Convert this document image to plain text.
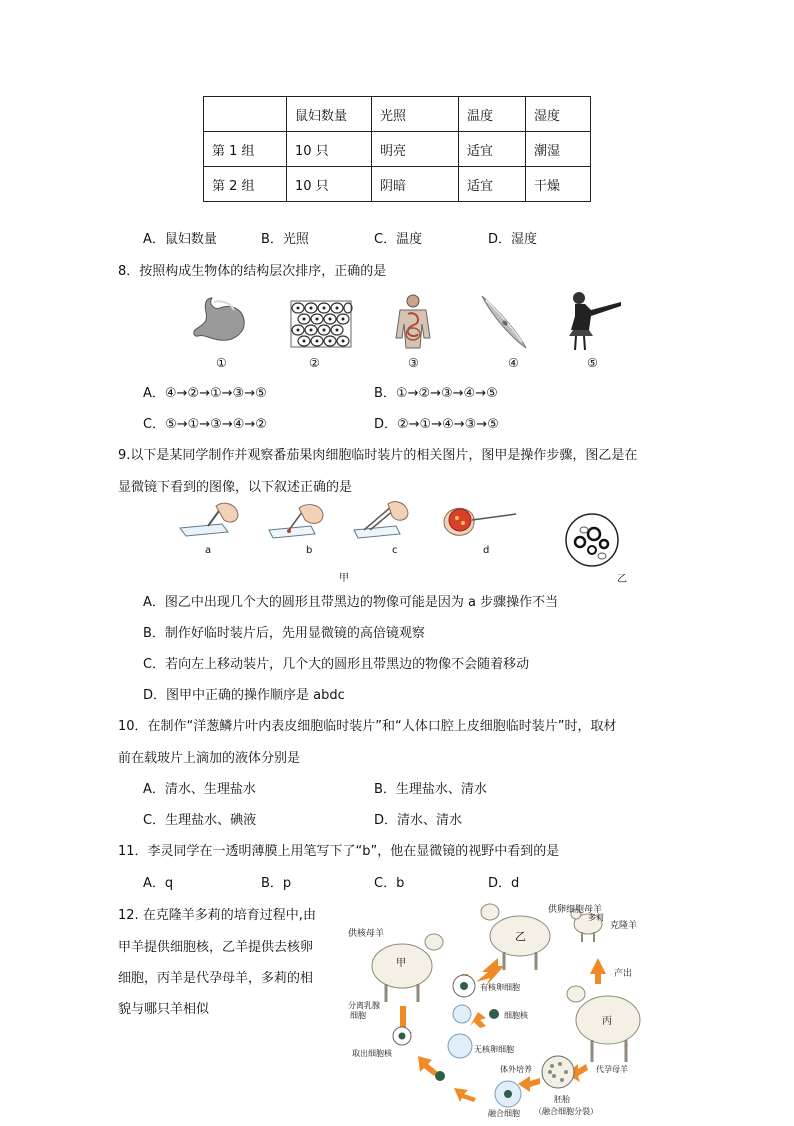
	鼠妇数量	光照	温度	湿度
第 1 组	10 只	明亮	适宜	潮湿
第 2 组	10 只	阴暗	适宜	干燥
A．鼠妇数量	B．光照	C．温度	D．湿度
8．按照构成生物体的结构层次排序，正确的是
①	②	③	④	⑤
A．④→②→①→③→⑤	B．①→②→③→④→⑤
C．⑤→①→③→④→②	D．②→①→④→③→⑤
9.以下是某同学制作并观察番茄果肉细胞临时装片的相关图片，图甲是操作步骤，图乙是在
显微镜下看到的图像，以下叙述正确的是
a	b	c	d
甲	乙
A．图乙中出现几个大的圆形且带黑边的物像可能是因为 a 步骤操作不当
B．制作好临时装片后，先用显微镜的高倍镜观察
C．若向左上移动装片，几个大的圆形且带黑边的物像不会随着移动
D．图甲中正确的操作顺序是 abdc
10．在制作“洋葱鳞片叶内表皮细胞临时装片”和“人体口腔上皮细胞临时装片”时，取材
前在载玻片上滴加的液体分别是
A．清水、生理盐水	B．生理盐水、清水
C．生理盐水、碘液	D．清水、清水
11．李灵同学在一透明薄膜上用笔写下了“b”，他在显微镜的视野中看到的是
A．q	B．p	C．b	D．d
12. 在克隆羊多莉的培育过程中,由
甲羊提供细胞核，乙羊提供去核卵
细胞，丙羊是代孕母羊，多莉的相
貌与哪只羊相似
供卵细胞母羊
乙
多莉
克隆羊
供核母羊
甲
产出
分离乳腺
细胞
有核卵细胞
细胞核
丙
取出细胞核	无核卵细胞
体外培养	代孕母羊
融合细胞
胚胎
（融合细胞分裂）
